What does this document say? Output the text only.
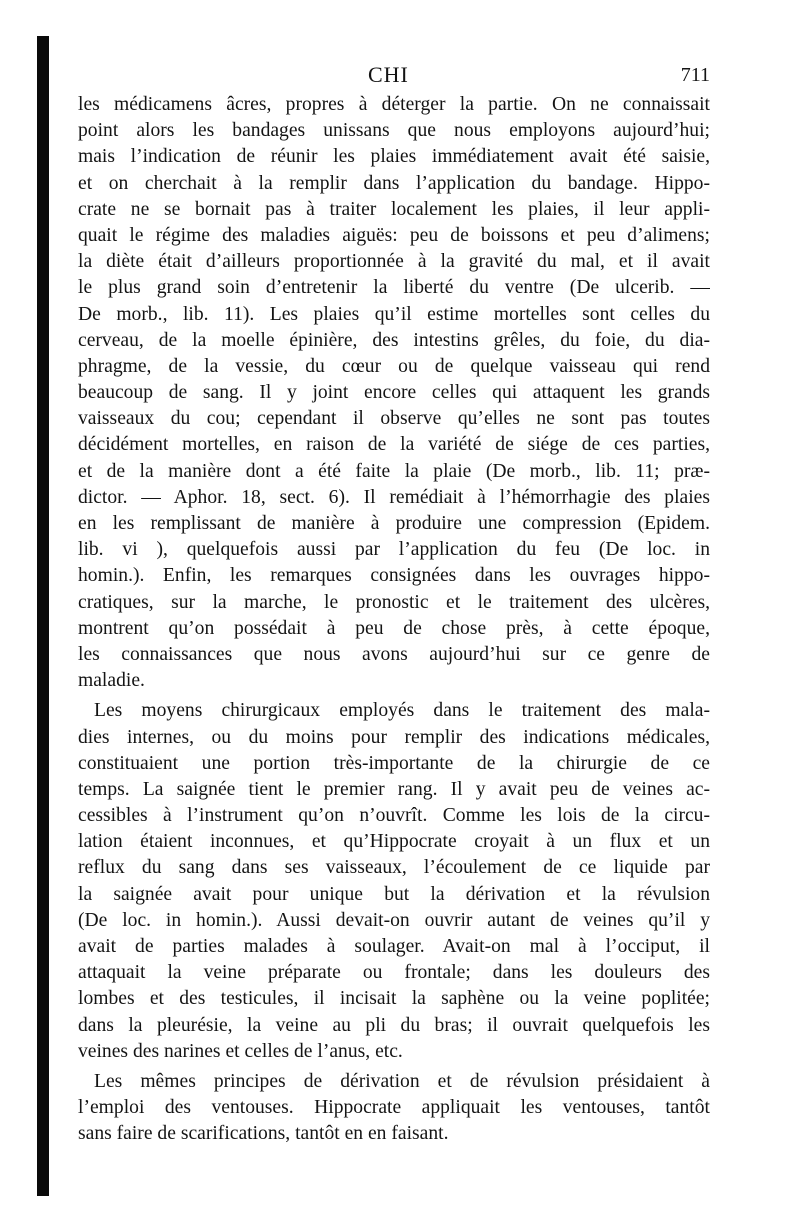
CHI	711
les médicamens âcres, propres à déterger la partie. On ne connaissait
point alors les bandages unissans que nous employons aujourd’hui;
mais l’indication de réunir les plaies immédiatement avait été saisie,
et on cherchait à la remplir dans l’application du bandage. Hippo-
crate ne se bornait pas à traiter localement les plaies, il leur appli-
quait le régime des maladies aiguës: peu de boissons et peu d’alimens;
la diète était d’ailleurs proportionnée à la gravité du mal, et il avait
le plus grand soin d’entretenir la liberté du ventre (De ulcerib. —
De morb., lib. 11). Les plaies qu’il estime mortelles sont celles du
cerveau, de la moelle épinière, des intestins grêles, du foie, du dia-
phragme, de la vessie, du cœur ou de quelque vaisseau qui rend
beaucoup de sang. Il y joint encore celles qui attaquent les grands
vaisseaux du cou; cependant il observe qu’elles ne sont pas toutes
décidément mortelles, en raison de la variété de siége de ces parties,
et de la manière dont a été faite la plaie (De morb., lib. 11; præ-
dictor. — Aphor. 18, sect. 6). Il remédiait à l’hémorrhagie des plaies
en les remplissant de manière à produire une compression (Epidem.
lib. vi ), quelquefois aussi par l’application du feu (De loc. in
homin.). Enfin, les remarques consignées dans les ouvrages hippo-
cratiques, sur la marche, le pronostic et le traitement des ulcères,
montrent qu’on possédait à peu de chose près, à cette époque,
les connaissances que nous avons aujourd’hui sur ce genre de
maladie.
Les moyens chirurgicaux employés dans le traitement des mala-
dies internes, ou du moins pour remplir des indications médicales,
constituaient une portion très-importante de la chirurgie de ce
temps. La saignée tient le premier rang. Il y avait peu de veines ac-
cessibles à l’instrument qu’on n’ouvrît. Comme les lois de la circu-
lation étaient inconnues, et qu’Hippocrate croyait à un flux et un
reflux du sang dans ses vaisseaux, l’écoulement de ce liquide par
la saignée avait pour unique but la dérivation et la révulsion
(De loc. in homin.). Aussi devait-on ouvrir autant de veines qu’il y
avait de parties malades à soulager. Avait-on mal à l’occiput, il
attaquait la veine préparate ou frontale; dans les douleurs des
lombes et des testicules, il incisait la saphène ou la veine poplitée;
dans la pleurésie, la veine au pli du bras; il ouvrait quelquefois les
veines des narines et celles de l’anus, etc.
Les mêmes principes de dérivation et de révulsion présidaient à
l’emploi des ventouses. Hippocrate appliquait les ventouses, tantôt
sans faire de scarifications, tantôt en en faisant.
